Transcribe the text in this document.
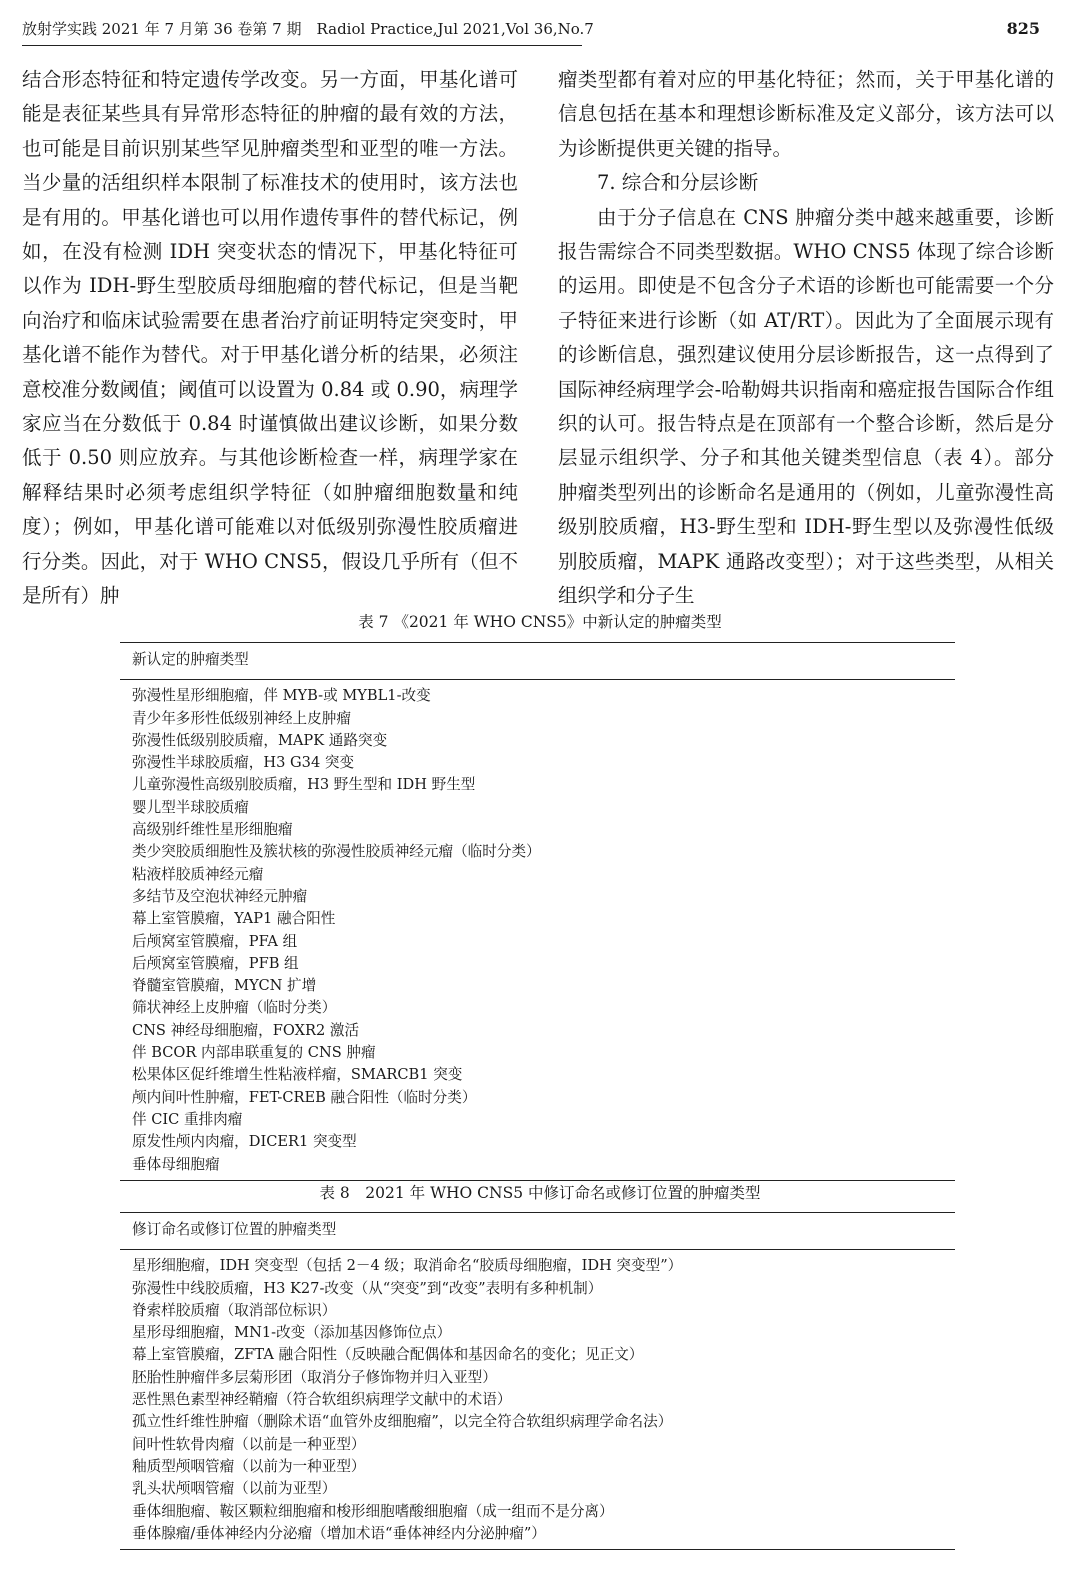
放射学实践 2021 年 7 月第 36 卷第 7 期　Radiol Practice,Jul 2021,Vol 36,No.7	825

结合形态特征和特定遗传学改变。另一方面，甲基化谱可能是表征某些具有异常形态特征的肿瘤的最有效的方法，也可能是目前识别某些罕见肿瘤类型和亚型的唯一方法。当少量的活组织样本限制了标准技术的使用时，该方法也是有用的。甲基化谱也可以用作遗传事件的替代标记，例如，在没有检测 IDH 突变状态的情况下，甲基化特征可以作为 IDH-野生型胶质母细胞瘤的替代标记，但是当靶向治疗和临床试验需要在患者治疗前证明特定突变时，甲基化谱不能作为替代。对于甲基化谱分析的结果，必须注意校准分数阈值；阈值可以设置为 0.84 或 0.90，病理学家应当在分数低于 0.84 时谨慎做出建议诊断，如果分数低于 0.50 则应放弃。与其他诊断检查一样，病理学家在解释结果时必须考虑组织学特征（如肿瘤细胞数量和纯度）；例如，甲基化谱可能难以对低级别弥漫性胶质瘤进行分类。因此，对于 WHO CNS5，假设几乎所有（但不是所有）肿

瘤类型都有着对应的甲基化特征；然而，关于甲基化谱的信息包括在基本和理想诊断标准及定义部分，该方法可以为诊断提供更关键的指导。

7. 综合和分层诊断

由于分子信息在 CNS 肿瘤分类中越来越重要，诊断报告需综合不同类型数据。WHO CNS5 体现了综合诊断的运用。即使是不包含分子术语的诊断也可能需要一个分子特征来进行诊断（如 AT/RT）。因此为了全面展示现有的诊断信息，强烈建议使用分层诊断报告，这一点得到了国际神经病理学会-哈勒姆共识指南和癌症报告国际合作组织的认可。报告特点是在顶部有一个整合诊断，然后是分层显示组织学、分子和其他关键类型信息（表 4）。部分肿瘤类型列出的诊断命名是通用的（例如，儿童弥漫性高级别胶质瘤，H3-野生型和 IDH-野生型以及弥漫性低级别胶质瘤，MAPK 通路改变型）；对于这些类型，从相关组织学和分子生

表 7 《2021 年 WHO CNS5》中新认定的肿瘤类型
新认定的肿瘤类型
弥漫性星形细胞瘤，伴 MYB-或 MYBL1-改变
青少年多形性低级别神经上皮肿瘤
弥漫性低级别胶质瘤，MAPK 通路突变
弥漫性半球胶质瘤，H3 G34 突变
儿童弥漫性高级别胶质瘤，H3 野生型和 IDH 野生型
婴儿型半球胶质瘤
高级别纤维性星形细胞瘤
类少突胶质细胞性及簇状核的弥漫性胶质神经元瘤（临时分类）
粘液样胶质神经元瘤
多结节及空泡状神经元肿瘤
幕上室管膜瘤，YAP1 融合阳性
后颅窝室管膜瘤，PFA 组
后颅窝室管膜瘤，PFB 组
脊髓室管膜瘤，MYCN 扩增
筛状神经上皮肿瘤（临时分类）
CNS 神经母细胞瘤，FOXR2 激活
伴 BCOR 内部串联重复的 CNS 肿瘤
松果体区促纤维增生性粘液样瘤，SMARCB1 突变
颅内间叶性肿瘤，FET-CREB 融合阳性（临时分类）
伴 CIC 重排肉瘤
原发性颅内肉瘤，DICER1 突变型
垂体母细胞瘤
表 8　2021 年 WHO CNS5 中修订命名或修订位置的肿瘤类型
修订命名或修订位置的肿瘤类型
星形细胞瘤，IDH 突变型（包括 2－4 级；取消命名“胶质母细胞瘤，IDH 突变型”）
弥漫性中线胶质瘤，H3 K27-改变（从“突变”到“改变”表明有多种机制）
脊索样胶质瘤（取消部位标识）
星形母细胞瘤，MN1-改变（添加基因修饰位点）
幕上室管膜瘤，ZFTA 融合阳性（反映融合配偶体和基因命名的变化；见正文）
胚胎性肿瘤伴多层菊形团（取消分子修饰物并归入亚型）
恶性黑色素型神经鞘瘤（符合软组织病理学文献中的术语）
孤立性纤维性肿瘤（删除术语“血管外皮细胞瘤”，以完全符合软组织病理学命名法）
间叶性软骨肉瘤（以前是一种亚型）
釉质型颅咽管瘤（以前为一种亚型）
乳头状颅咽管瘤（以前为亚型）
垂体细胞瘤、鞍区颗粒细胞瘤和梭形细胞嗜酸细胞瘤（成一组而不是分离）
垂体腺瘤/垂体神经内分泌瘤（增加术语“垂体神经内分泌肿瘤”）
